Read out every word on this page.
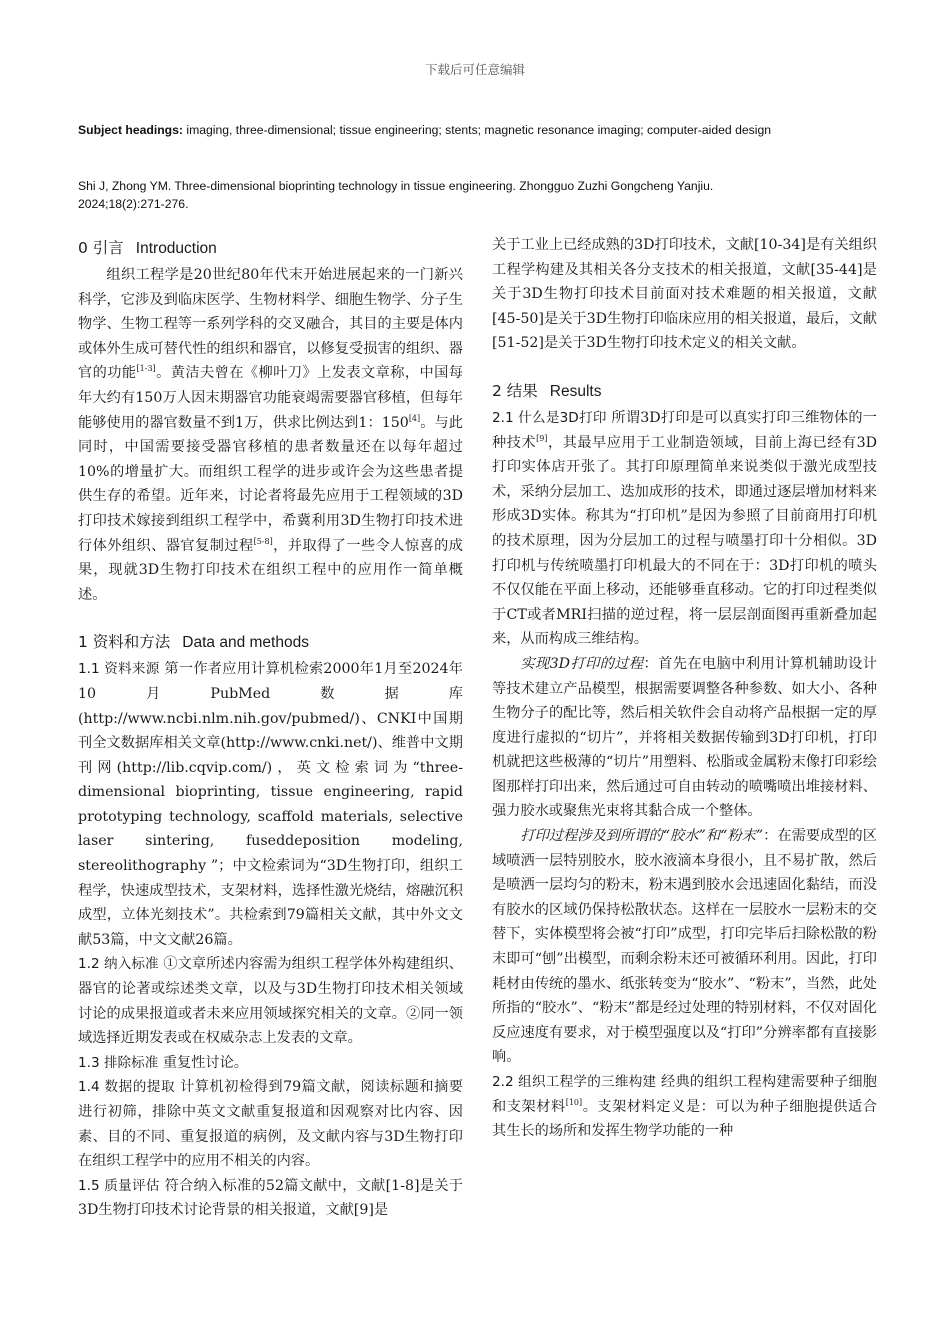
下载后可任意编辑
Subject headings: imaging, three-dimensional; tissue engineering; stents; magnetic resonance imaging; computer-aided design
Shi J, Zhong YM. Three-dimensional bioprinting technology in tissue engineering. Zhongguo Zuzhi Gongcheng Yanjiu. 2024;18(2):271-276.
0 引言 Introduction

组织工程学是20世纪80年代末开始进展起来的一门新兴科学，它涉及到临床医学、生物材料学、细胞生物学、分子生物学、生物工程等一系列学科的交叉融合，其目的主要是体内或体外生成可替代性的组织和器官，以修复受损害的组织、器官的功能[1-3]。黄洁夫曾在《柳叶刀》上发表文章称，中国每年大约有150万人因末期器官功能衰竭需要器官移植，但每年能够使用的器官数量不到1万，供求比例达到1：150[4]。与此同时，中国需要接受器官移植的患者数量还在以每年超过10%的增量扩大。而组织工程学的进步或许会为这些患者提供生存的希望。近年来，讨论者将最先应用于工程领域的3D打印技术嫁接到组织工程学中，希冀利用3D生物打印技术进行体外组织、器官复制过程[5-8]，并取得了一些令人惊喜的成果，现就3D生物打印技术在组织工程中的应用作一简单概述。

1 资料和方法 Data and methods

1.1 资料来源 第一作者应用计算机检索2000年1月至2024年10月PubMed数据库(http://www.ncbi.nlm.nih.gov/pubmed/)、CNKI中国期刊全文数据库相关文章(http://www.cnki.net/)、维普中文期刊网(http://lib.cqvip.com/)，英文检索词为“three-dimensional bioprinting, tissue engineering, rapid prototyping technology, scaffold materials, selective laser sintering, fuseddeposition modeling, stereolithography ”；中文检索词为“3D生物打印，组织工程学，快速成型技术，支架材料，选择性激光烧结，熔融沉积成型，立体光刻技术”。共检索到79篇相关文献，其中外文文献53篇，中文文献26篇。

1.2 纳入标准 ①文章所述内容需为组织工程学体外构建组织、器官的论著或综述类文章，以及与3D生物打印技术相关领域讨论的成果报道或者未来应用领域探究相关的文章。②同一领域选择近期发表或在权威杂志上发表的文章。

1.3 排除标准 重复性讨论。

1.4 数据的提取 计算机初检得到79篇文献，阅读标题和摘要进行初筛，排除中英文文献重复报道和因观察对比内容、因素、目的不同、重复报道的病例，及文献内容与3D生物打印在组织工程学中的应用不相关的内容。

1.5 质量评估 符合纳入标准的52篇文献中，文献[1-8]是关于3D生物打印技术讨论背景的相关报道，文献[9]是

关于工业上已经成熟的3D打印技术，文献[10-34]是有关组织工程学构建及其相关各分支技术的相关报道，文献[35-44]是关于3D生物打印技术目前面对技术难题的相关报道，文献[45-50]是关于3D生物打印临床应用的相关报道，最后，文献[51-52]是关于3D生物打印技术定义的相关文献。

2 结果 Results

2.1 什么是3D打印 所谓3D打印是可以真实打印三维物体的一种技术[9]，其最早应用于工业制造领域，目前上海已经有3D打印实体店开张了。其打印原理简单来说类似于激光成型技术，采纳分层加工、迭加成形的技术，即通过逐层增加材料来形成3D实体。称其为“打印机”是因为参照了目前商用打印机的技术原理，因为分层加工的过程与喷墨打印十分相似。3D打印机与传统喷墨打印机最大的不同在于：3D打印机的喷头不仅仅能在平面上移动，还能够垂直移动。它的打印过程类似于CT或者MRI扫描的逆过程，将一层层剖面图再重新叠加起来，从而构成三维结构。

实现3D打印的过程：首先在电脑中利用计算机辅助设计等技术建立产品模型，根据需要调整各种参数、如大小、各种生物分子的配比等，然后相关软件会自动将产品根据一定的厚度进行虚拟的“切片”，并将相关数据传输到3D打印机，打印机就把这些极薄的“切片”用塑料、松脂或金属粉末像打印彩绘图那样打印出来，然后通过可自由转动的喷嘴喷出堆接材料、强力胶水或聚焦光束将其黏合成一个整体。

打印过程涉及到所谓的“胶水”和“粉末”：在需要成型的区域喷洒一层特别胶水，胶水液滴本身很小，且不易扩散，然后是喷洒一层均匀的粉末，粉末遇到胶水会迅速固化黏结，而没有胶水的区域仍保持松散状态。这样在一层胶水一层粉末的交替下，实体模型将会被“打印”成型，打印完毕后扫除松散的粉末即可“刨”出模型，而剩余粉末还可被循环利用。因此，打印耗材由传统的墨水、纸张转变为“胶水”、“粉末”，当然，此处所指的“胶水”、“粉末”都是经过处理的特别材料，不仅对固化反应速度有要求，对于模型强度以及“打印”分辨率都有直接影响。

2.2 组织工程学的三维构建 经典的组织工程构建需要种子细胞和支架材料[10]。支架材料定义是：可以为种子细胞提供适合其生长的场所和发挥生物学功能的一种
